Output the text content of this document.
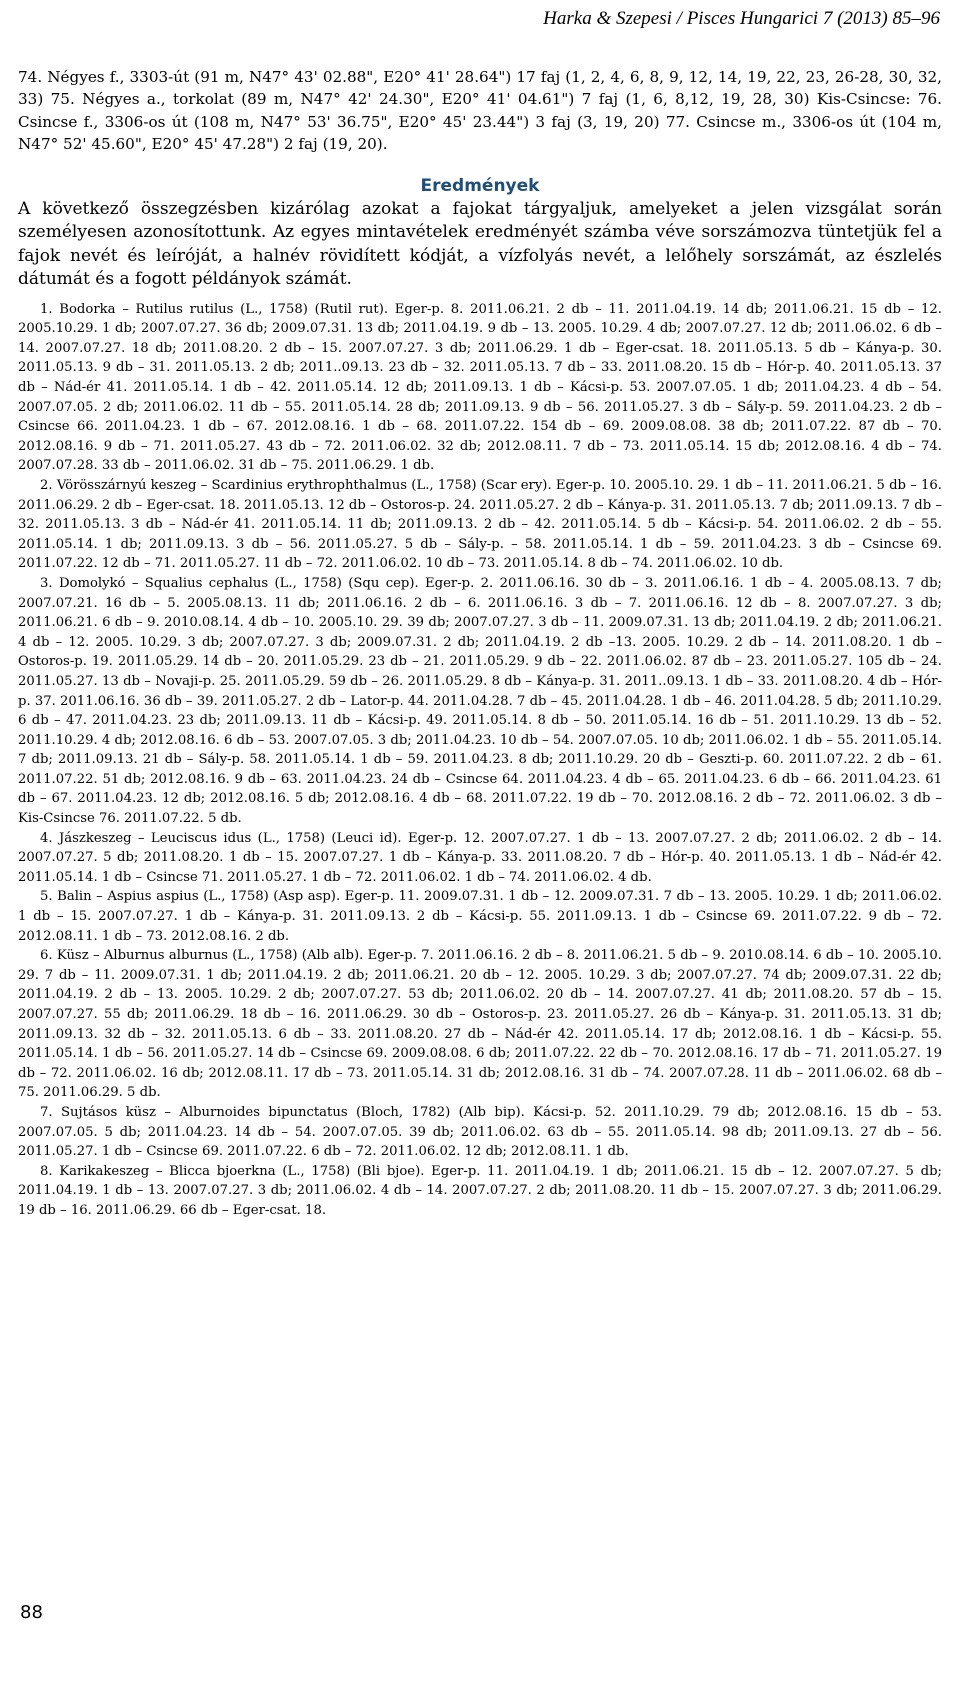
Harka & Szepesi / Pisces Hungarici 7 (2013) 85–96

74. Négyes f., 3303-út (91 m, N47° 43' 02.88", E20° 41' 28.64") 17 faj (1, 2, 4, 6, 8, 9, 12, 14, 19, 22, 23, 26-28, 30, 32, 33) 75. Négyes a., torkolat (89 m, N47° 42' 24.30", E20° 41' 04.61") 7 faj (1, 6, 8,12, 19, 28, 30) Kis-Csincse: 76. Csincse f., 3306-os út (108 m, N47° 53' 36.75", E20° 45' 23.44") 3 faj (3, 19, 20) 77. Csincse m., 3306-os út (104 m, N47° 52' 45.60", E20° 45' 47.28") 2 faj (19, 20).

Eredmények

A következő összegzésben kizárólag azokat a fajokat tárgyaljuk, amelyeket a jelen vizsgálat során személyesen azonosítottunk. Az egyes mintavételek eredményét számba véve sorszámozva tüntetjük fel a fajok nevét és leíróját, a halnév rövidített kódját, a vízfolyás nevét, a lelőhely sorszámát, az észlelés dátumát és a fogott példányok számát.

1. Bodorka – Rutilus rutilus (L., 1758) (Rutil rut). Eger-p. 8. 2011.06.21. 2 db – 11. 2011.04.19. 14 db; 2011.06.21. 15 db – 12. 2005.10.29. 1 db; 2007.07.27. 36 db; 2009.07.31. 13 db; 2011.04.19. 9 db – 13. 2005. 10.29. 4 db; 2007.07.27. 12 db; 2011.06.02. 6 db – 14. 2007.07.27. 18 db; 2011.08.20. 2 db – 15. 2007.07.27. 3 db; 2011.06.29. 1 db – Eger-csat. 18. 2011.05.13. 5 db – Kánya-p. 30. 2011.05.13. 9 db – 31. 2011.05.13. 2 db; 2011..09.13. 23 db – 32. 2011.05.13. 7 db – 33. 2011.08.20. 15 db – Hór-p. 40. 2011.05.13. 37 db – Nád-ér 41. 2011.05.14. 1 db – 42. 2011.05.14. 12 db; 2011.09.13. 1 db – Kácsi-p. 53. 2007.07.05. 1 db; 2011.04.23. 4 db – 54. 2007.07.05. 2 db; 2011.06.02. 11 db – 55. 2011.05.14. 28 db; 2011.09.13. 9 db – 56. 2011.05.27. 3 db – Sály-p. 59. 2011.04.23. 2 db – Csincse 66. 2011.04.23. 1 db – 67. 2012.08.16. 1 db – 68. 2011.07.22. 154 db – 69. 2009.08.08. 38 db; 2011.07.22. 87 db – 70. 2012.08.16. 9 db – 71. 2011.05.27. 43 db – 72. 2011.06.02. 32 db; 2012.08.11. 7 db – 73. 2011.05.14. 15 db; 2012.08.16. 4 db – 74. 2007.07.28. 33 db – 2011.06.02. 31 db – 75. 2011.06.29. 1 db.

2. Vörösszárnyú keszeg – Scardinius erythrophthalmus (L., 1758) (Scar ery). Eger-p. 10. 2005.10. 29. 1 db – 11. 2011.06.21. 5 db – 16. 2011.06.29. 2 db – Eger-csat. 18. 2011.05.13. 12 db – Ostoros-p. 24. 2011.05.27. 2 db – Kánya-p. 31. 2011.05.13. 7 db; 2011.09.13. 7 db – 32. 2011.05.13. 3 db – Nád-ér 41. 2011.05.14. 11 db; 2011.09.13. 2 db – 42. 2011.05.14. 5 db – Kácsi-p. 54. 2011.06.02. 2 db – 55. 2011.05.14. 1 db; 2011.09.13. 3 db – 56. 2011.05.27. 5 db – Sály-p. – 58. 2011.05.14. 1 db – 59. 2011.04.23. 3 db – Csincse 69. 2011.07.22. 12 db – 71. 2011.05.27. 11 db – 72. 2011.06.02. 10 db – 73. 2011.05.14. 8 db – 74. 2011.06.02. 10 db.

3. Domolykó – Squalius cephalus (L., 1758) (Squ cep). Eger-p. 2. 2011.06.16. 30 db – 3. 2011.06.16. 1 db – 4. 2005.08.13. 7 db; 2007.07.21. 16 db – 5. 2005.08.13. 11 db; 2011.06.16. 2 db – 6. 2011.06.16. 3 db – 7. 2011.06.16. 12 db – 8. 2007.07.27. 3 db; 2011.06.21. 6 db – 9. 2010.08.14. 4 db – 10. 2005.10. 29. 39 db; 2007.07.27. 3 db – 11. 2009.07.31. 13 db; 2011.04.19. 2 db; 2011.06.21. 4 db – 12. 2005. 10.29. 3 db; 2007.07.27. 3 db; 2009.07.31. 2 db; 2011.04.19. 2 db –13. 2005. 10.29. 2 db – 14. 2011.08.20. 1 db – Ostoros-p. 19. 2011.05.29. 14 db – 20. 2011.05.29. 23 db – 21. 2011.05.29. 9 db – 22. 2011.06.02. 87 db – 23. 2011.05.27. 105 db – 24. 2011.05.27. 13 db – Novaji-p. 25. 2011.05.29. 59 db – 26. 2011.05.29. 8 db – Kánya-p. 31. 2011..09.13. 1 db – 33. 2011.08.20. 4 db – Hór-p. 37. 2011.06.16. 36 db – 39. 2011.05.27. 2 db – Lator-p. 44. 2011.04.28. 7 db – 45. 2011.04.28. 1 db – 46. 2011.04.28. 5 db; 2011.10.29. 6 db – 47. 2011.04.23. 23 db; 2011.09.13. 11 db – Kácsi-p. 49. 2011.05.14. 8 db – 50. 2011.05.14. 16 db – 51. 2011.10.29. 13 db – 52. 2011.10.29. 4 db; 2012.08.16. 6 db – 53. 2007.07.05. 3 db; 2011.04.23. 10 db – 54. 2007.07.05. 10 db; 2011.06.02. 1 db – 55. 2011.05.14. 7 db; 2011.09.13. 21 db – Sály-p. 58. 2011.05.14. 1 db – 59. 2011.04.23. 8 db; 2011.10.29. 20 db – Geszti-p. 60. 2011.07.22. 2 db – 61. 2011.07.22. 51 db; 2012.08.16. 9 db – 63. 2011.04.23. 24 db – Csincse 64. 2011.04.23. 4 db – 65. 2011.04.23. 6 db – 66. 2011.04.23. 61 db – 67. 2011.04.23. 12 db; 2012.08.16. 5 db; 2012.08.16. 4 db – 68. 2011.07.22. 19 db – 70. 2012.08.16. 2 db – 72. 2011.06.02. 3 db – Kis-Csincse 76. 2011.07.22. 5 db.

4. Jászkeszeg – Leuciscus idus (L., 1758) (Leuci id). Eger-p. 12. 2007.07.27. 1 db – 13. 2007.07.27. 2 db; 2011.06.02. 2 db – 14. 2007.07.27. 5 db; 2011.08.20. 1 db – 15. 2007.07.27. 1 db – Kánya-p. 33. 2011.08.20. 7 db – Hór-p. 40. 2011.05.13. 1 db – Nád-ér 42. 2011.05.14. 1 db – Csincse 71. 2011.05.27. 1 db – 72. 2011.06.02. 1 db – 74. 2011.06.02. 4 db.

5. Balin – Aspius aspius (L., 1758) (Asp asp). Eger-p. 11. 2009.07.31. 1 db – 12. 2009.07.31. 7 db – 13. 2005. 10.29. 1 db; 2011.06.02. 1 db – 15. 2007.07.27. 1 db – Kánya-p. 31. 2011.09.13. 2 db – Kácsi-p. 55. 2011.09.13. 1 db – Csincse 69. 2011.07.22. 9 db – 72. 2012.08.11. 1 db – 73. 2012.08.16. 2 db.

6. Küsz – Alburnus alburnus (L., 1758) (Alb alb). Eger-p. 7. 2011.06.16. 2 db – 8. 2011.06.21. 5 db – 9. 2010.08.14. 6 db – 10. 2005.10. 29. 7 db – 11. 2009.07.31. 1 db; 2011.04.19. 2 db; 2011.06.21. 20 db – 12. 2005. 10.29. 3 db; 2007.07.27. 74 db; 2009.07.31. 22 db; 2011.04.19. 2 db – 13. 2005. 10.29. 2 db; 2007.07.27. 53 db; 2011.06.02. 20 db – 14. 2007.07.27. 41 db; 2011.08.20. 57 db – 15. 2007.07.27. 55 db; 2011.06.29. 18 db – 16. 2011.06.29. 30 db – Ostoros-p. 23. 2011.05.27. 26 db – Kánya-p. 31. 2011.05.13. 31 db; 2011.09.13. 32 db – 32. 2011.05.13. 6 db – 33. 2011.08.20. 27 db – Nád-ér 42. 2011.05.14. 17 db; 2012.08.16. 1 db – Kácsi-p. 55. 2011.05.14. 1 db – 56. 2011.05.27. 14 db – Csincse 69. 2009.08.08. 6 db; 2011.07.22. 22 db – 70. 2012.08.16. 17 db – 71. 2011.05.27. 19 db – 72. 2011.06.02. 16 db; 2012.08.11. 17 db – 73. 2011.05.14. 31 db; 2012.08.16. 31 db – 74. 2007.07.28. 11 db – 2011.06.02. 68 db – 75. 2011.06.29. 5 db.

7. Sujtásos küsz – Alburnoides bipunctatus (Bloch, 1782) (Alb bip). Kácsi-p. 52. 2011.10.29. 79 db; 2012.08.16. 15 db – 53. 2007.07.05. 5 db; 2011.04.23. 14 db – 54. 2007.07.05. 39 db; 2011.06.02. 63 db – 55. 2011.05.14. 98 db; 2011.09.13. 27 db – 56. 2011.05.27. 1 db – Csincse 69. 2011.07.22. 6 db – 72. 2011.06.02. 12 db; 2012.08.11. 1 db.

8. Karikakeszeg – Blicca bjoerkna (L., 1758) (Bli bjoe). Eger-p. 11. 2011.04.19. 1 db; 2011.06.21. 15 db – 12. 2007.07.27. 5 db; 2011.04.19. 1 db – 13. 2007.07.27. 3 db; 2011.06.02. 4 db – 14. 2007.07.27. 2 db; 2011.08.20. 11 db – 15. 2007.07.27. 3 db; 2011.06.29. 19 db – 16. 2011.06.29. 66 db – Eger-csat. 18.

88
